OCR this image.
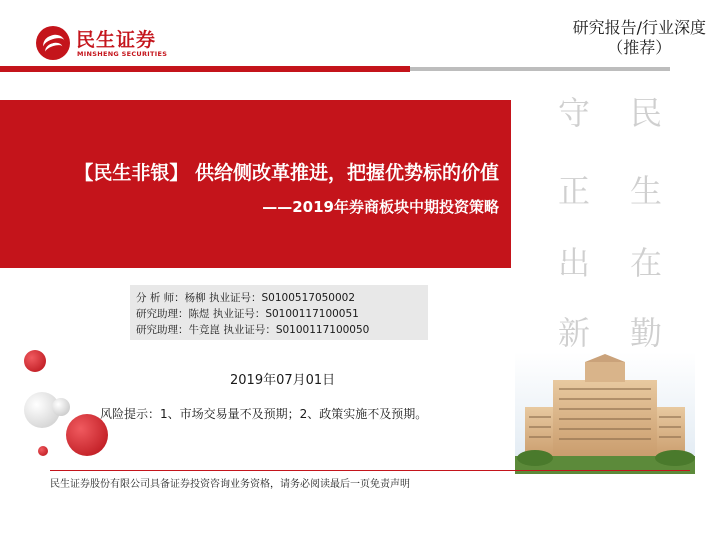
民生证券
MINSHENG SECURITIES
研究报告/行业深度
（推荐）
【民生非银】 供给侧改革推进，把握优势标的价值
——2019年券商板块中期投资策略
守
正
出
新
民
生
在
勤
分 析 师：杨柳 执业证号：S0100517050002
研究助理：陈煜 执业证号：S0100117100051
研究助理：牛竞崑 执业证号：S0100117100050
2019年07月01日
风险提示：1、市场交易量不及预期；2、政策实施不及预期。
民生证券股份有限公司具备证券投资咨询业务资格，请务必阅读最后一页免责声明
